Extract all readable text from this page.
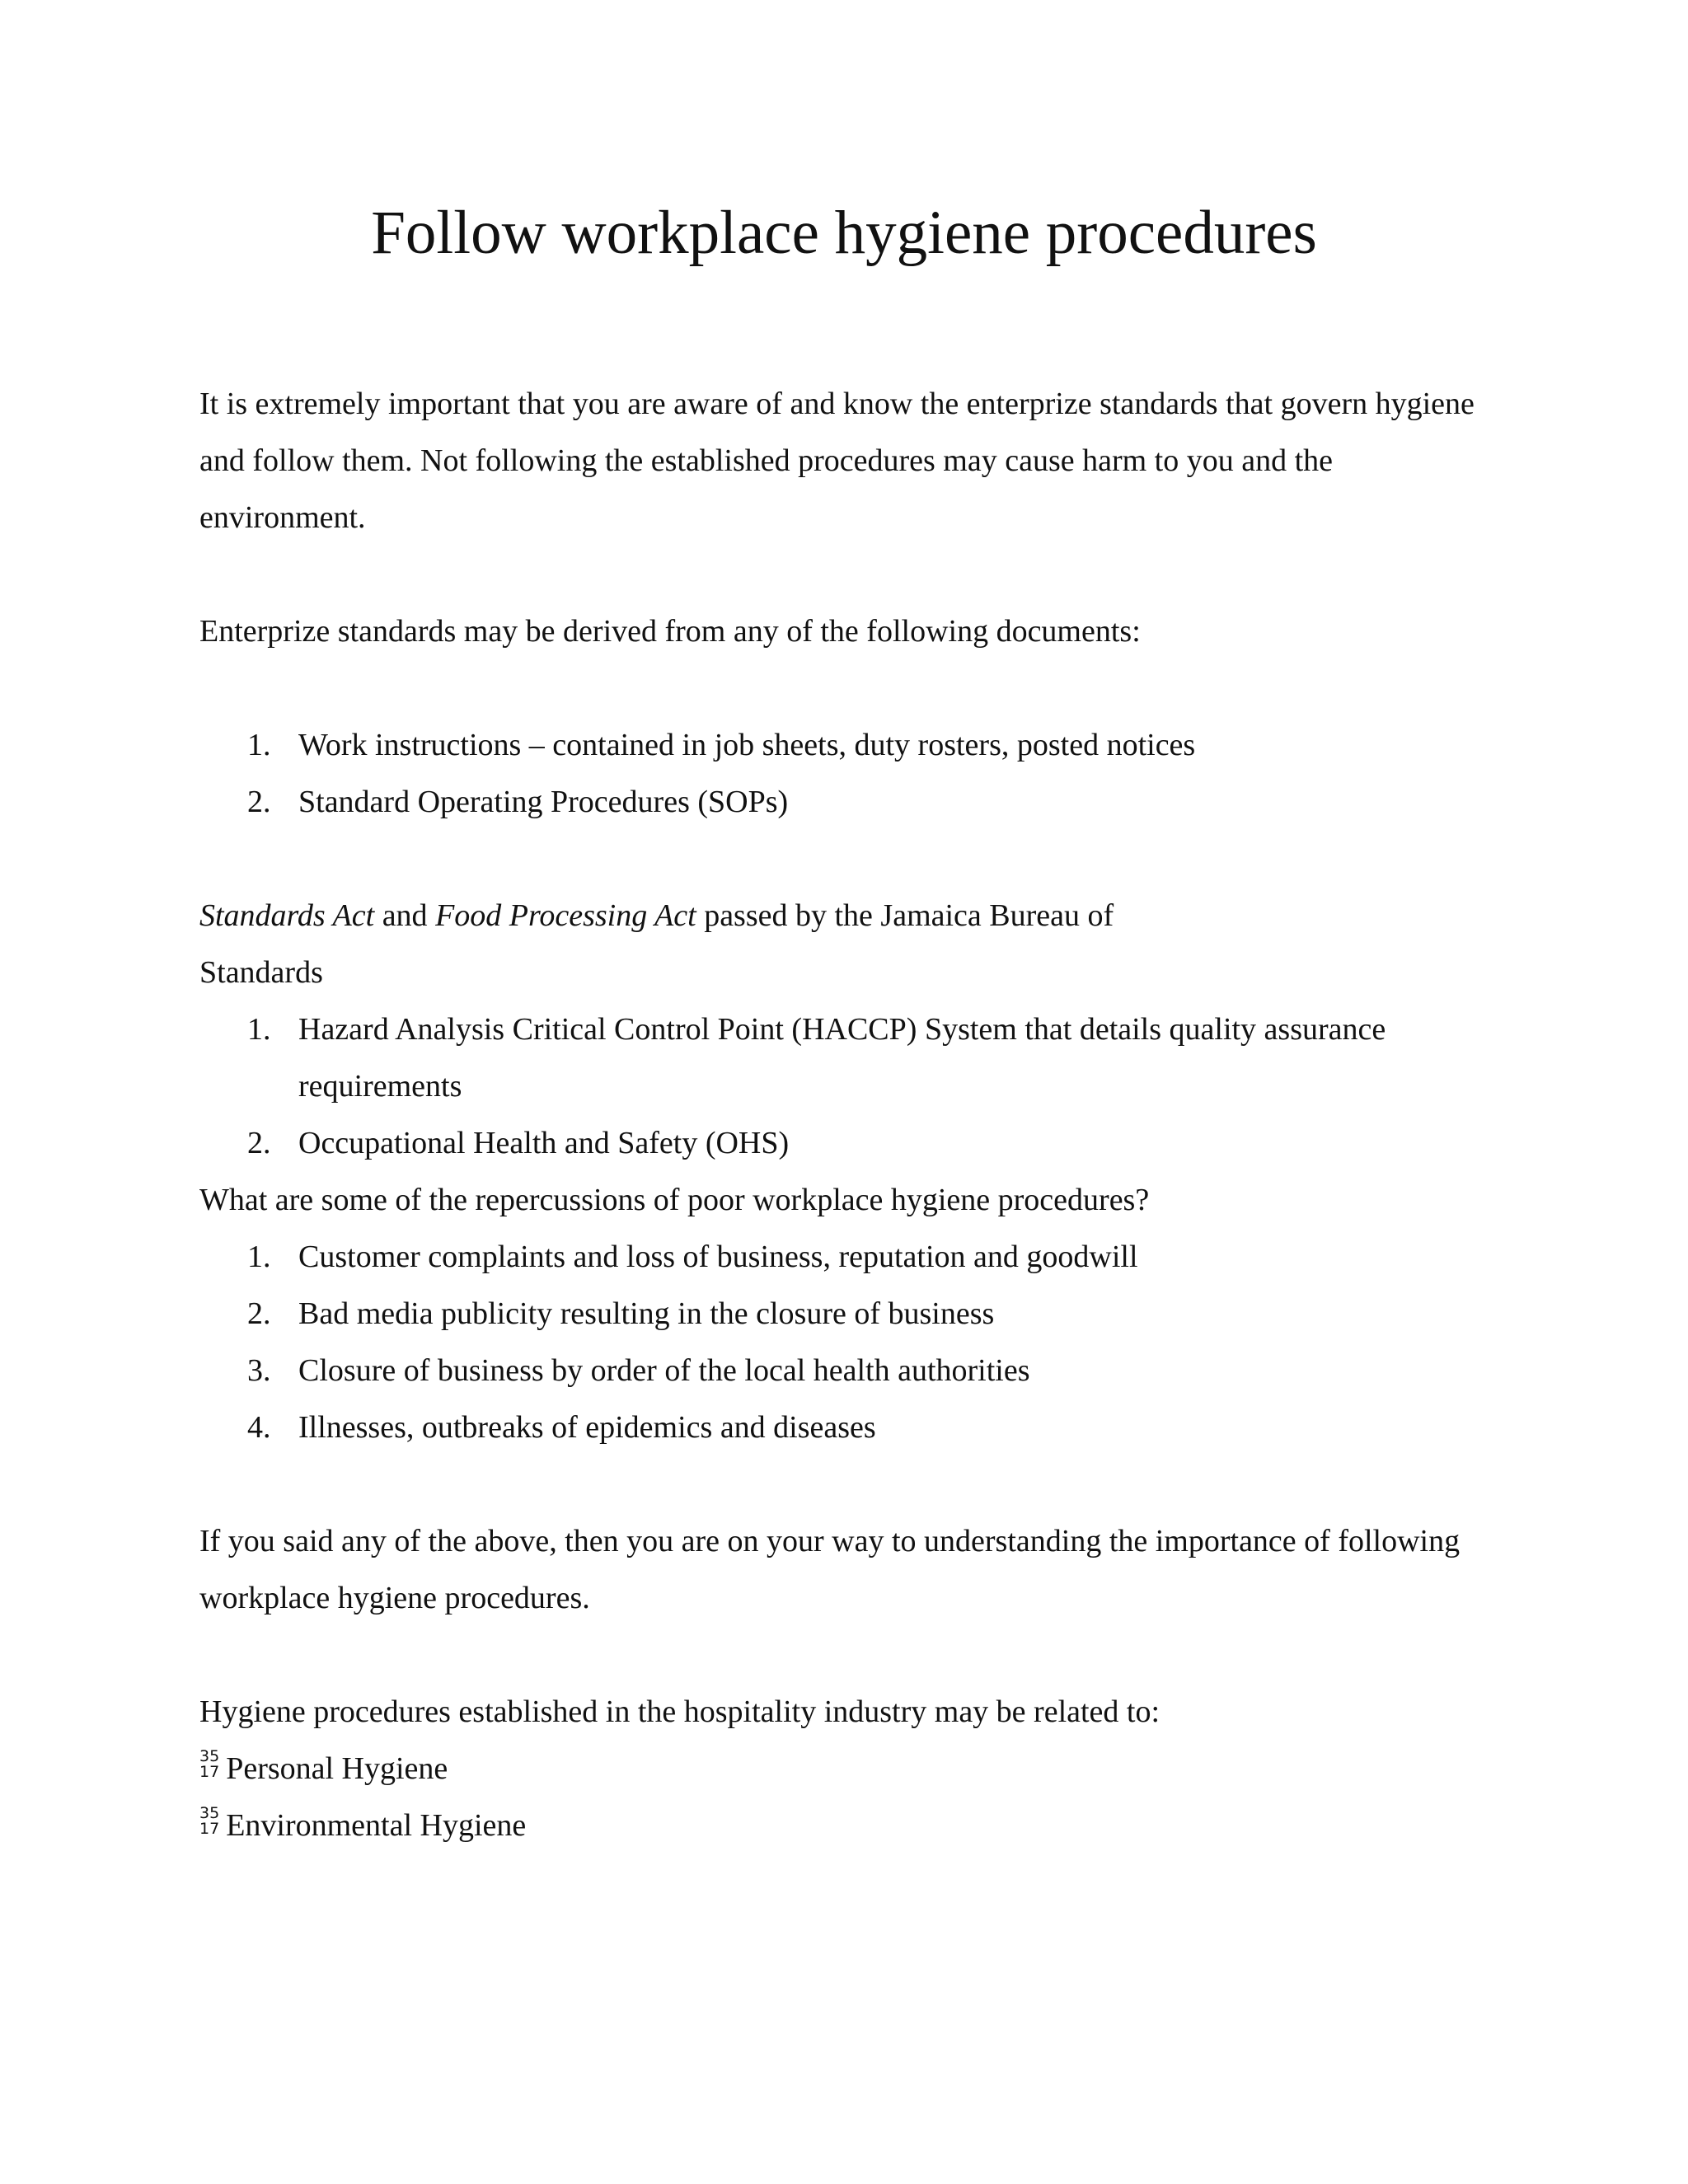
Follow workplace hygiene procedures

It is extremely important that you are aware of and know the enterprize standards that govern hygiene and follow them. Not following the established procedures may cause harm to you and the environment.

Enterprize standards may be derived from any of the following documents:

1. Work instructions – contained in job sheets, duty rosters, posted notices
2. Standard Operating Procedures (SOPs)

Standards Act and Food Processing Act passed by the Jamaica Bureau of

Standards

1. Hazard Analysis Critical Control Point (HACCP) System that details quality assurance requirements
2. Occupational Health and Safety (OHS)

What are some of the repercussions of poor workplace hygiene procedures?

1. Customer complaints and loss of business, reputation and goodwill
2. Bad media publicity resulting in the closure of business
3. Closure of business by order of the local health authorities
4. Illnesses, outbreaks of epidemics and diseases

If you said any of the above, then you are on your way to understanding the importance of following workplace hygiene procedures.

Hygiene procedures established in the hospitality industry may be related to:

35
17 Personal Hygiene

35
17 Environmental Hygiene
